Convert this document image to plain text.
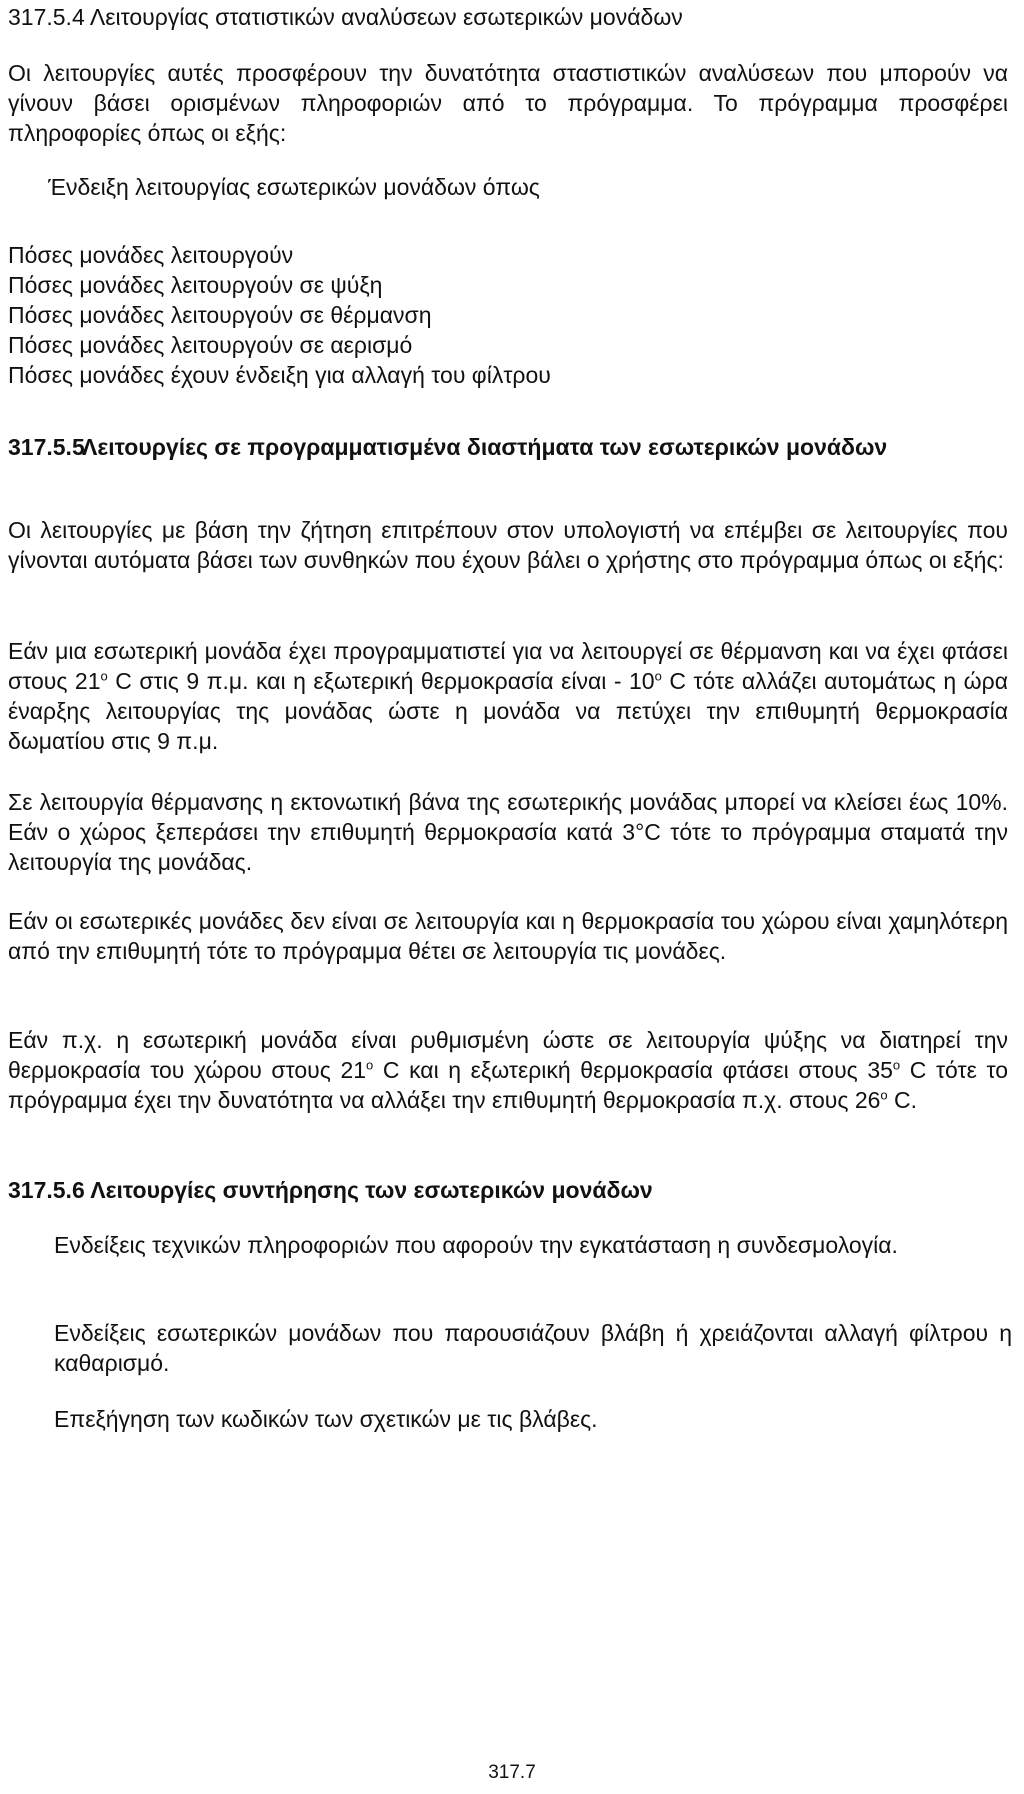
317.5.4 Λειτουργίας στατιστικών αναλύσεων εσωτερικών μονάδων

Οι λειτουργίες αυτές προσφέρουν την δυνατότητα σταστιστικών αναλύσεων που μπορούν να γίνουν βάσει ορισμένων πληροφοριών από το πρόγραμμα. Το πρόγραμμα προσφέρει πληροφορίες όπως οι εξής:

Ένδειξη λειτουργίας εσωτερικών μονάδων όπως
Πόσες μονάδες λειτουργούν
Πόσες μονάδες λειτουργούν σε ψύξη
Πόσες μονάδες λειτουργούν σε θέρμανση
Πόσες μονάδες λειτουργούν σε αερισμό
Πόσες μονάδες έχουν ένδειξη για αλλαγή του φίλτρου
317.5.5
Λειτουργίες σε προγραμματισμένα διαστήματα των εσωτερικών μονάδων

Οι λειτουργίες με βάση την ζήτηση επιτρέπουν στον υπολογιστή να επέμβει σε λειτουργίες που γίνονται αυτόματα βάσει των συνθηκών που έχουν βάλει ο χρήστης στο πρόγραμμα όπως οι εξής:

Εάν μια εσωτερική μονάδα έχει προγραμματιστεί για να λειτουργεί σε θέρμανση και να έχει φτάσει στους 21$^o$ C στις 9 π.μ. και η εξωτερική θερμοκρασία είναι - 10$^o$ C τότε αλλάζει αυτομάτως η ώρα έναρξης λειτουργίας της μονάδας ώστε η μονάδα να πετύχει την επιθυμητή θερμοκρασία δωματίου στις 9 π.μ.

Σε λειτουργία θέρμανσης η εκτονωτική βάνα της εσωτερικής μονάδας μπορεί να κλείσει έως 10%. Εάν ο χώρος ξεπεράσει την επιθυμητή θερμοκρασία κατά 3°C τότε το πρόγραμμα σταματά την λειτουργία της μονάδας.

Εάν οι εσωτερικές μονάδες δεν είναι σε λειτουργία και η θερμοκρασία του χώρου είναι χαμηλότερη από την επιθυμητή τότε το πρόγραμμα θέτει σε λειτουργία τις μονάδες.

Εάν π.χ. η εσωτερική μονάδα είναι ρυθμισμένη ώστε σε λειτουργία ψύξης να διατηρεί την θερμοκρασία του χώρου στους 21$^o$ C και η εξωτερική θερμοκρασία φτάσει στους 35$^o$ C τότε το πρόγραμμα έχει την δυνατότητα να αλλάξει την επιθυμητή θερμοκρασία π.χ. στους 26$^o$ C.

317.5.6 Λειτουργίες συντήρησης των εσωτερικών μονάδων

Ενδείξεις τεχνικών πληροφοριών που αφορούν την εγκατάσταση η συνδεσμολογία.

Ενδείξεις εσωτερικών μονάδων που παρουσιάζουν βλάβη ή χρειάζονται αλλαγή φίλτρου η καθαρισμό.

Επεξήγηση των κωδικών των σχετικών με τις βλάβες.

317.7
